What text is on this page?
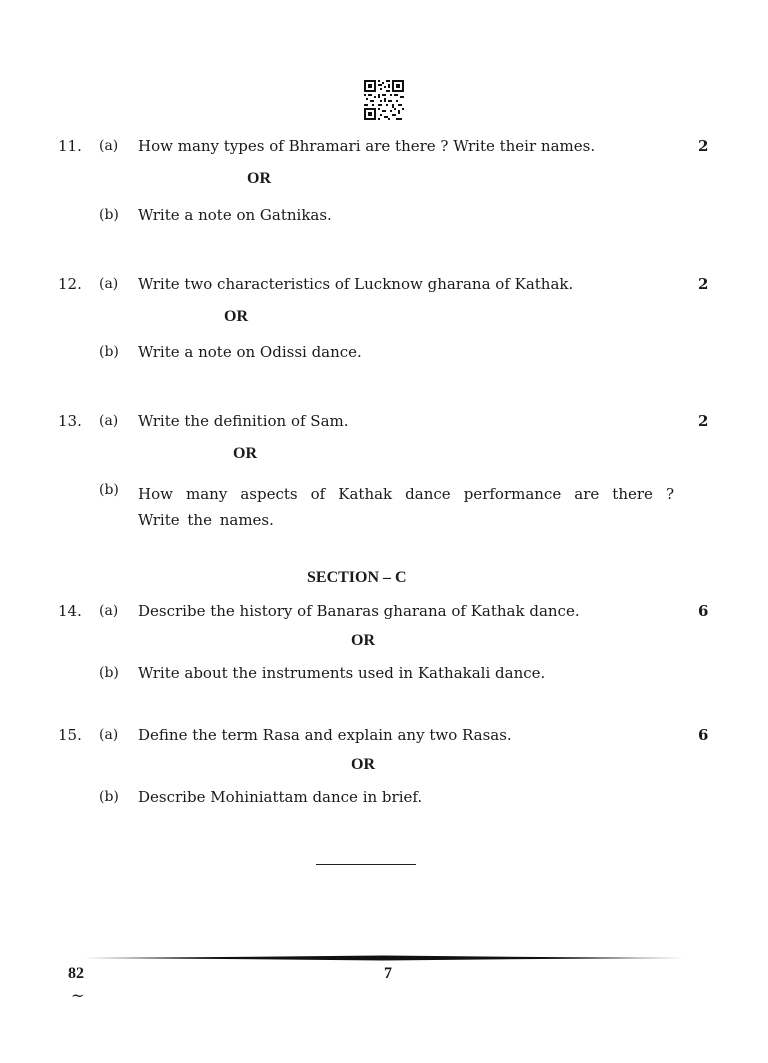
11. (a) How many types of Bhramari are there ? Write their names.	2
OR
(b) Write a note on Gatnikas.
12. (a) Write two characteristics of Lucknow gharana of Kathak.	2
OR
(b) Write a note on Odissi dance.
13. (a) Write the definition of Sam.	2
OR
(b) How many aspects of Kathak dance performance are there ? Write the names.
SECTION – C
14. (a) Describe the history of Banaras gharana of Kathak dance.	6
OR
(b) Write about the instruments used in Kathakali dance.
15. (a) Define the term Rasa and explain any two Rasas.	6
OR
(b) Describe Mohiniattam dance in brief.
82	7
~
